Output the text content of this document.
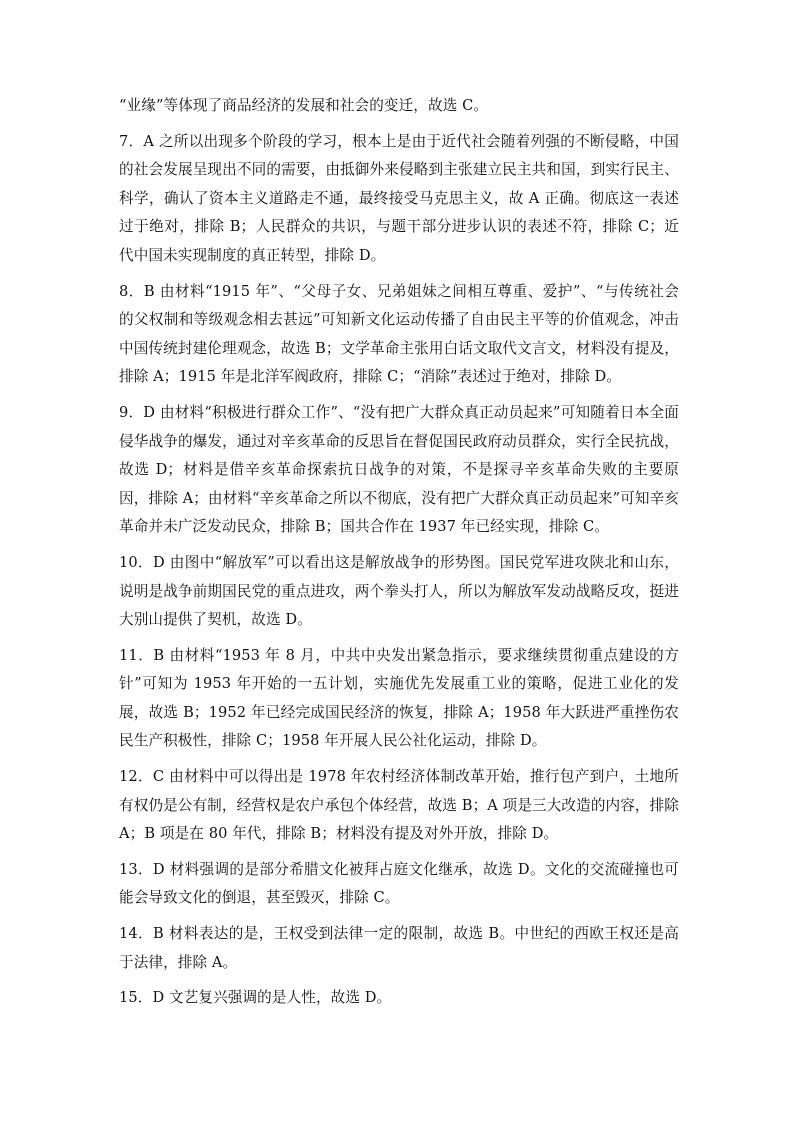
“业缘”等体现了商品经济的发展和社会的变迁，故选 C。

7．A 之所以出现多个阶段的学习，根本上是由于近代社会随着列强的不断侵略，中国的社会发展呈现出不同的需要，由抵御外来侵略到主张建立民主共和国，到实行民主、科学，确认了资本主义道路走不通，最终接受马克思主义，故 A 正确。彻底这一表述过于绝对，排除 B；人民群众的共识，与题干部分进步认识的表述不符，排除 C；近代中国未实现制度的真正转型，排除 D。

8．B 由材料“1915 年”、“父母子女、兄弟姐妹之间相互尊重、爱护”、“与传统社会的父权制和等级观念相去甚远”可知新文化运动传播了自由民主平等的价值观念，冲击中国传统封建伦理观念，故选 B；文学革命主张用白话文取代文言文，材料没有提及，排除 A；1915 年是北洋军阀政府，排除 C；“消除”表述过于绝对，排除 D。

9．D 由材料“积极进行群众工作”、“没有把广大群众真正动员起来”可知随着日本全面侵华战争的爆发，通过对辛亥革命的反思旨在督促国民政府动员群众，实行全民抗战，故选 D；材料是借辛亥革命探索抗日战争的对策，不是探寻辛亥革命失败的主要原因，排除 A；由材料“辛亥革命之所以不彻底，没有把广大群众真正动员起来”可知辛亥革命并未广泛发动民众，排除 B；国共合作在 1937 年已经实现，排除 C。

10．D 由图中“解放军”可以看出这是解放战争的形势图。国民党军进攻陕北和山东，说明是战争前期国民党的重点进攻，两个拳头打人，所以为解放军发动战略反攻，挺进大别山提供了契机，故选 D。

11．B 由材料“1953 年 8 月，中共中央发出紧急指示，要求继续贯彻重点建设的方针”可知为 1953 年开始的一五计划，实施优先发展重工业的策略，促进工业化的发展，故选 B；1952 年已经完成国民经济的恢复，排除 A；1958 年大跃进严重挫伤农民生产积极性，排除 C；1958 年开展人民公社化运动，排除 D。

12．C 由材料中可以得出是 1978 年农村经济体制改革开始，推行包产到户，土地所有权仍是公有制，经营权是农户承包个体经营，故选 B；A 项是三大改造的内容，排除 A；B 项是在 80 年代，排除 B；材料没有提及对外开放，排除 D。

13．D 材料强调的是部分希腊文化被拜占庭文化继承，故选 D。文化的交流碰撞也可能会导致文化的倒退，甚至毁灭，排除 C。

14．B 材料表达的是，王权受到法律一定的限制，故选 B。中世纪的西欧王权还是高于法律，排除 A。

15．D 文艺复兴强调的是人性，故选 D。
